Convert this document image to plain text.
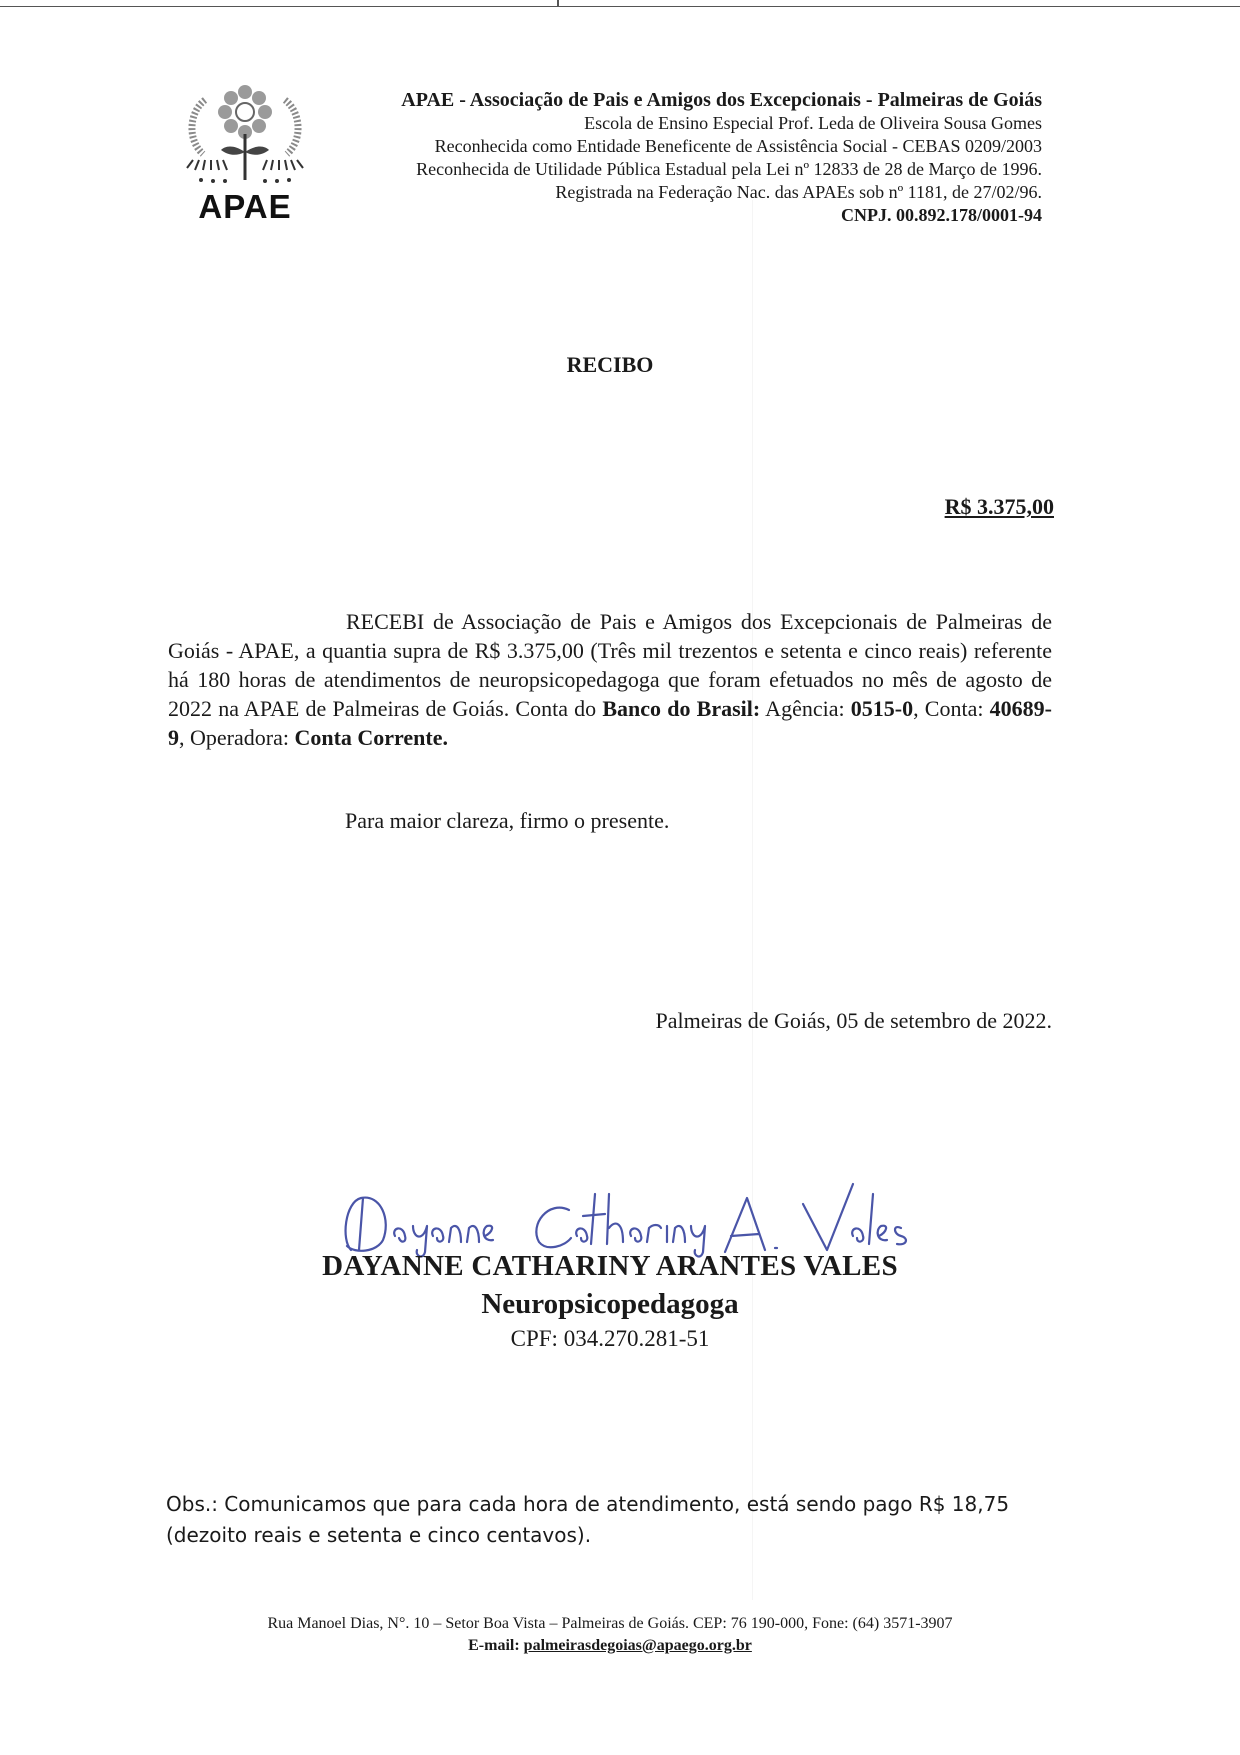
APAE
APAE - Associação de Pais e Amigos dos Excepcionais - Palmeiras de Goiás
Escola de Ensino Especial Prof. Leda de Oliveira Sousa Gomes
Reconhecida como Entidade Beneficente de Assistência Social - CEBAS 0209/2003
Reconhecida de Utilidade Pública Estadual pela Lei nº 12833 de 28 de Março de 1996.
Registrada na Federação Nac. das APAEs sob nº 1181, de 27/02/96.
CNPJ. 00.892.178/0001-94
RECIBO
R$ 3.375,00

RECEBI de Associação de Pais e Amigos dos Excepcionais de Palmeiras de Goiás - APAE, a quantia supra de R$ 3.375,00 (Três mil trezentos e setenta e cinco reais) referente há 180 horas de atendimentos de neuropsicopedagoga que foram efetuados no mês de agosto de 2022 na APAE de Palmeiras de Goiás. Conta do Banco do Brasil: Agência: 0515-0, Conta: 40689-9, Operadora: Conta Corrente.

Para maior clareza, firmo o presente.
Palmeiras de Goiás, 05 de setembro de 2022.
DAYANNE CATHARINY ARANTES VALES
Neuropsicopedagoga
CPF: 034.270.281-51
Obs.: Comunicamos que para cada hora de atendimento, está sendo pago R$ 18,75 (dezoito reais e setenta e cinco centavos).
Rua Manoel Dias, N°. 10 – Setor Boa Vista – Palmeiras de Goiás. CEP: 76 190-000, Fone: (64) 3571-3907
E-mail: palmeirasdegoias@apaego.org.br
